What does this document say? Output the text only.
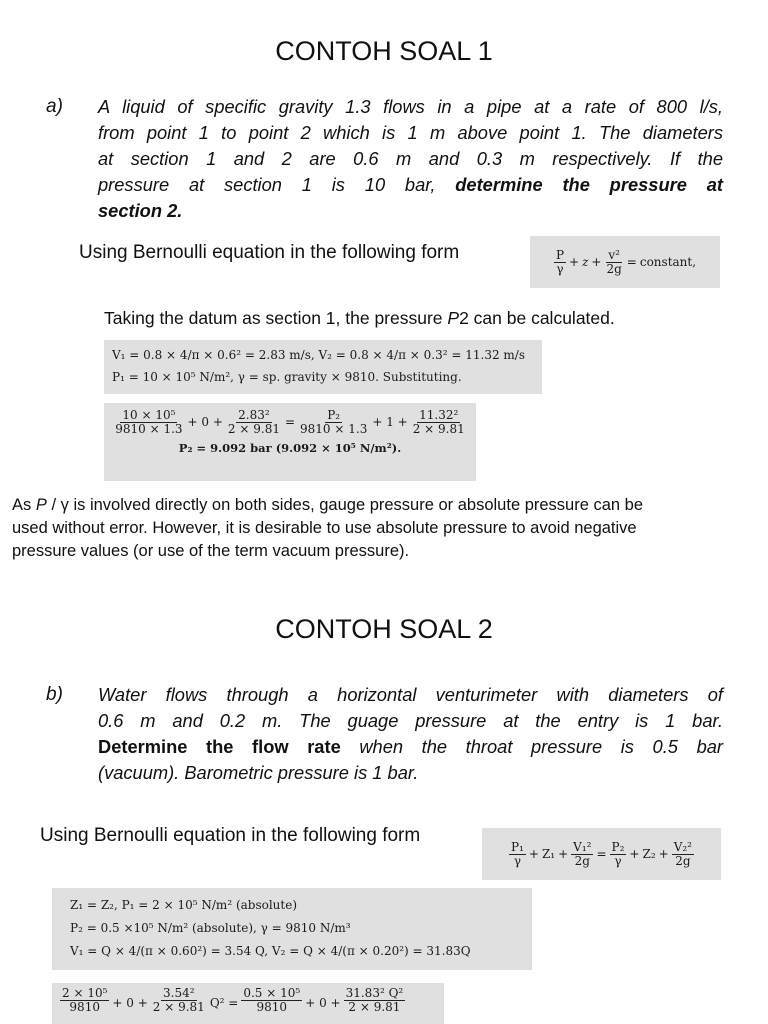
CONTOH SOAL 1
a) A liquid of specific gravity 1.3 flows in a pipe at a rate of 800 l/s,
from point 1 to point 2 which is 1 m above point 1. The diameters
at section 1 and 2 are 0.6 m and 0.3 m respectively. If the
pressure at section 1 is 10 bar, determine the pressure at
section 2.
Using Bernoulli equation in the following form	$\frac{P}{\gamma} + z + \frac{\text{v²}}{2g}$ = constant,
Taking the datum as section 1, the pressure P2 can be calculated.
V₁ = 0.8 × 4/π × 0.6² = 2.83 m/s, V₂ = 0.8 × 4/π × 0.3² = 11.32 m/s
P₁ = 10 × 10⁵ N/m², γ = sp. gravity × 9810. Substituting.
$\frac{\text{10 × 10⁵}}{9810 \times 1.3} + 0 + \frac{\text{2.83²}}{2 \times 9.81} = \frac{\text{P₂}}{9810 \times 1.3} + 1 + \frac{\text{11.32²}}{2 \times 9.81}$
P₂ = 9.092 bar (9.092 × 10⁵ N/m²).
As P / γ is involved directly on both sides, gauge pressure or absolute pressure can be
used without error. However, it is desirable to use absolute pressure to avoid negative
pressure values (or use of the term vacuum pressure).
CONTOH SOAL 2
b) Water flows through a horizontal venturimeter with diameters of
0.6 m and 0.2 m. The guage pressure at the entry is 1 bar.
Determine the flow rate when the throat pressure is 0.5 bar
(vacuum). Barometric pressure is 1 bar.
Using Bernoulli equation in the following form
$\frac{\text{P₁}}{\gamma} + Z_1 + \frac{\text{V₁²}}{2g} = \frac{\text{P₂}}{\gamma} + Z_2 + \frac{\text{V₂²}}{2g}$
Z₁ = Z₂, P₁ = 2 × 10⁵ N/m² (absolute)
P₂ = 0.5 ×10⁵ N/m² (absolute), γ = 9810 N/m³
V₁ = Q × 4/(π × 0.60²) = 3.54 Q, V₂ = Q × 4/(π × 0.20²) = 31.83Q
$\frac{\text{2 × 10⁵}}{9810} + 0 + \frac{\text{3.54²}}{2 \times 9.81} Q^2 = \frac{\text{0.5 × 10⁵}}{9810} + 0 + \frac{\text{31.83² Q²}}{2 \times 9.81}$
